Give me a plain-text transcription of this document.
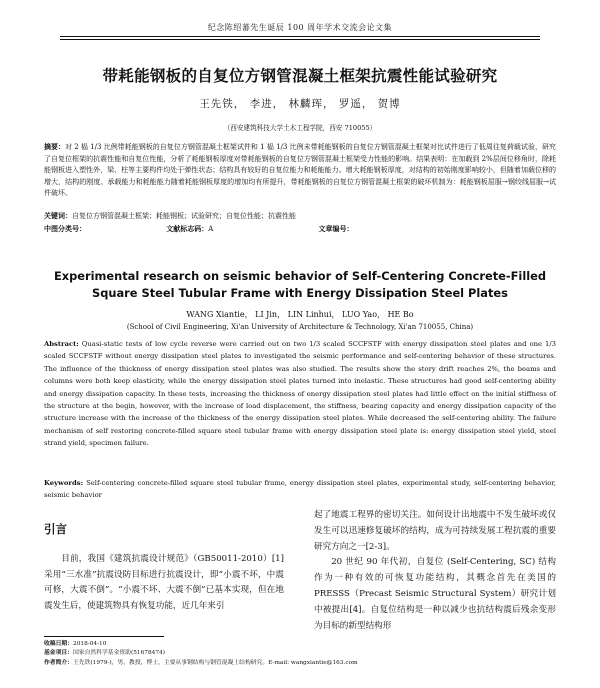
纪念陈绍蕃先生诞辰 100 周年学术交流会论文集
带耗能钢板的自复位方钢管混凝土框架抗震性能试验研究
王先铁， 李进， 林麟珲， 罗遥， 贺博
（西安建筑科技大学土木工程学院，西安 710055）
摘要：对 2 榀 1/3 比例带耗能钢板的自复位方钢管混凝土框架试件和 1 榀 1/3 比例未带耗能钢板的自复位方钢管混凝土框架对比试件进行了低周往复荷载试验，研究了自复位框架的抗震性能和自复位性能，分析了耗能钢板厚度对带耗能钢板的自复位方钢管混凝土框架受力性能的影响。结果表明：在加载到 2%层间位移角时，除耗能钢板进入塑性外，梁、柱等主要构件均处于弹性状态；结构具有较好的自复位能力和耗能能力。增大耗能钢板厚度，对结构的初始刚度影响较小，但随着加载位移的增大，结构的刚度、承载能力和耗能能力随着耗能钢板厚度的增加均有所提升，带耗能钢板的自复位方钢管混凝土框架的破坏机制为：耗能钢板屈服→钢绞线屈服→试件破坏。
关键词：自复位方钢管混凝土框架；耗能钢板；试验研究；自复位性能；抗震性能
中图分类号：	文献标志码：A	文章编号：
Experimental research on seismic behavior of Self-Centering Concrete-Filled Square Steel Tubular Frame with Energy Dissipation Steel Plates
WANG Xiantie， LI Jin， LIN Linhui， LUO Yao， HE Bo
(School of Civil Engineering, Xi'an University of Architecture & Technology, Xi'an 710055, China)
Abstract: Quasi-static tests of low cycle reverse were carried out on two 1/3 scaled SCCFSTF with energy dissipation steel plates and one 1/3 scaled SCCFSTF without energy dissipation steel plates to investigated the seismic performance and self-centering behavior of these structures. The influence of the thickness of energy dissipation steel plates was also studied. The results show the story drift reaches 2%, the beams and columns were both keep elasticity, while the energy dissipation steel plates turned into inelastic. These structures had good self-centering ability and energy dissipation capacity. In these tests, increasing the thickness of energy dissipation steel plates had little effect on the initial stiffness of the structure at the begin, however, with the increase of load displacement, the stiffness, bearing capacity and energy dissipation capacity of the structure increase with the increase of the thickness of the energy dissipation steel plates. While decreased the self-centering ability. The failure mechanism of self restoring concrete-filled square steel tubular frame with energy dissipation steel plate is: energy dissipation steel yield, steel strand yield, specimen failure.
Keywords: Self-centering concrete-filled square steel tubular frame, energy dissipation steel plates, experimental study, self-centering behavior, seismic behavior
引言

目前，我国《建筑抗震设计规范》（GB50011-2010）[1]采用“三水准”抗震设防目标进行抗震设计，即“小震不坏，中震可修，大震不倒”。“小震不坏、大震不倒”已基本实现，但在地震发生后，使建筑物具有恢复功能，近几年来引

起了地震工程界的密切关注。如何设计出地震中不发生破坏或仅发生可以迅速修复破坏的结构，成为可持续发展工程抗震的重要研究方向之一[2-3]。

20 世纪 90 年代初，自复位 (Self-Centering, SC) 结构作为一种有效的可恢复功能结构，其概念首先在美国的 PRESSS（Precast Seismic Structural System）研究计划中被提出[4]。自复位结构是一种以减少也抗结构震后残余变形为目标的新型结构形

收稿日期：2018-04-10
基金项目：国家自然科学基金资助(51678474)
作者简介：王先铁(1979-)，男，教授，博士，主要从事钢结构与钢管混凝土结构研究。E-mail: wangxiantie@163.com
